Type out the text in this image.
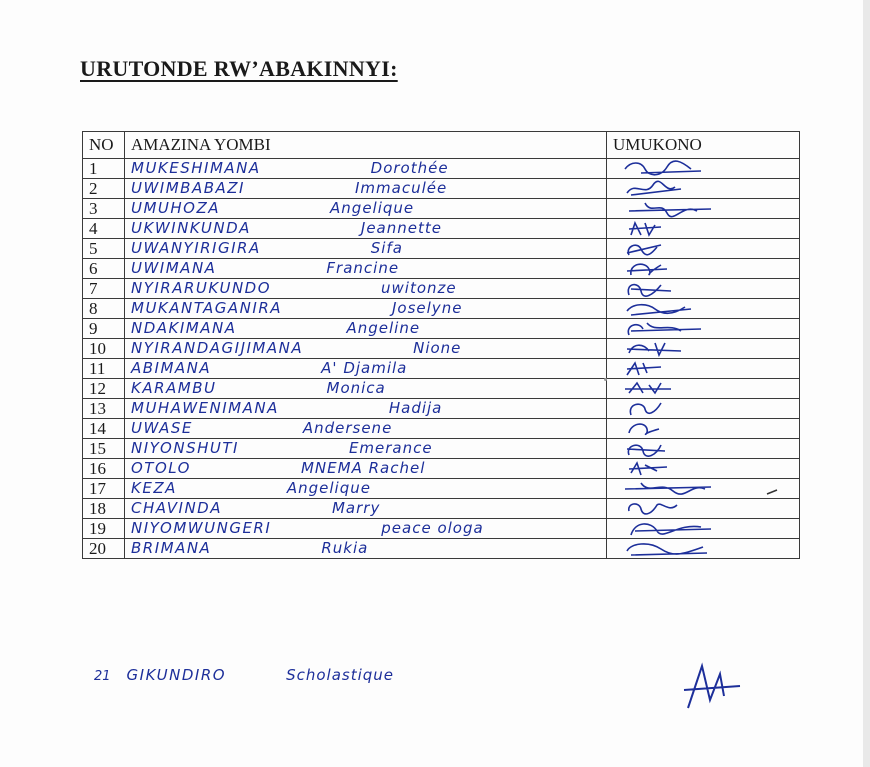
URUTONDE RW’ABAKINNYI:
NO	AMAZINA YOMBI	UMUKONO
1	MUKESHIMANA Dorothée	

2	UWIMBABAZI Immaculée	

3	UMUHOZA Angelique	

4	UKWINKUNDA Jeannette	

5	UWANYIRIGIRA Sifa	

6	UWIMANA Francine	

7	NYIRARUKUNDO uwitonze	

8	MUKANTAGANIRA Joselyne	

9	NDAKIMANA Angeline	

10	NYIRANDAGIJIMANA Nione	

11	ABIMANA A' Djamila	

12	KARAMBU Monica	

13	MUHAWENIMANA Hadija	

14	UWASE Andersene	

15	NIYONSHUTI Emerance	

16	OTOLO MNEMA Rachel	

17	KEZA Angelique	

18	CHAVINDA Marry	

19	NIYOMWUNGERI peace ologa	

20	BRIMANA Rukia	
21 GIKUNDIRO	Scholastique
